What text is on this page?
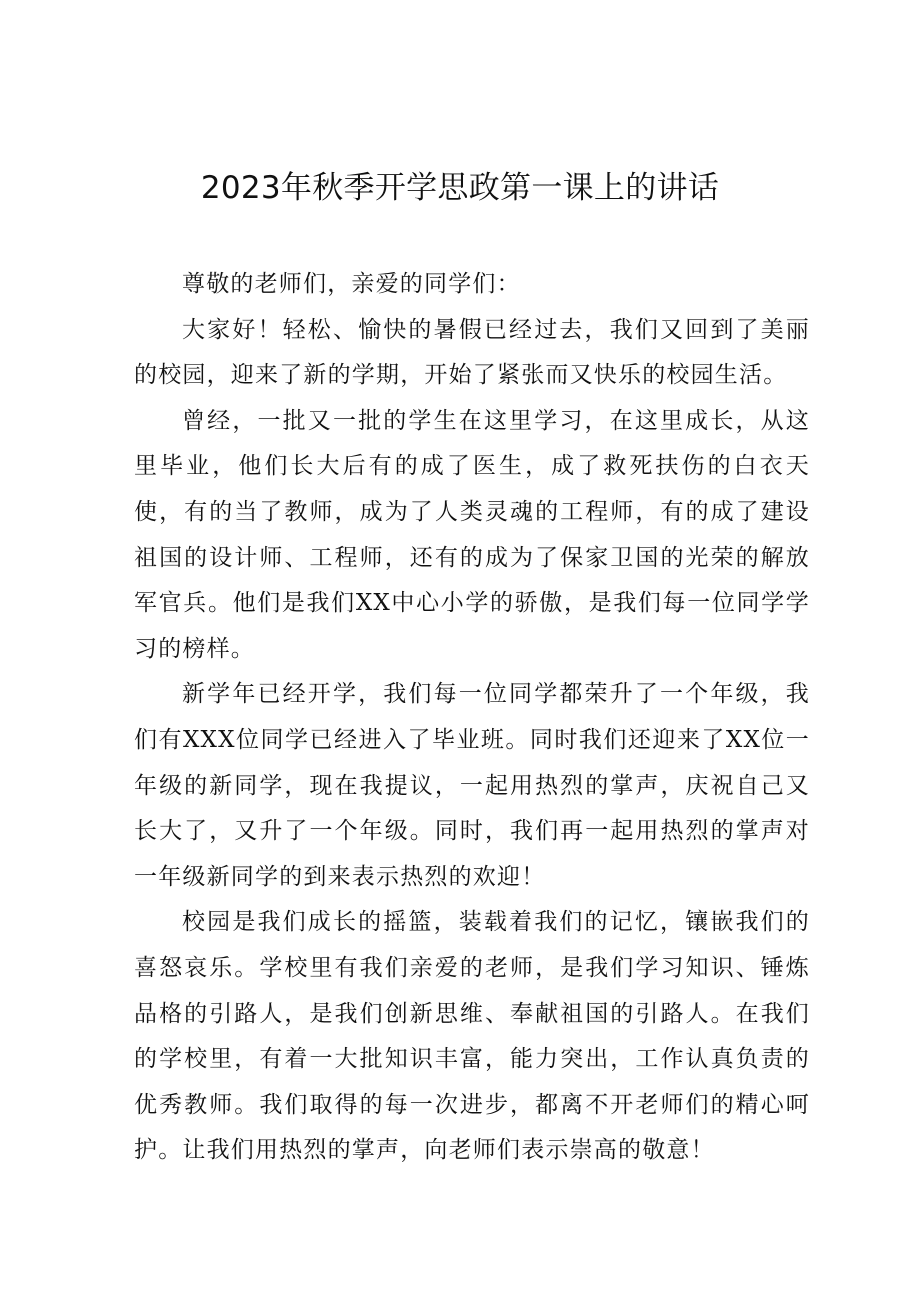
2023年秋季开学思政第一课上的讲话

尊敬的老师们，亲爱的同学们：

大家好！轻松、愉快的暑假已经过去，我们又回到了美丽的校园，迎来了新的学期，开始了紧张而又快乐的校园生活。

曾经，一批又一批的学生在这里学习，在这里成长，从这里毕业，他们长大后有的成了医生，成了救死扶伤的白衣天使，有的当了教师，成为了人类灵魂的工程师，有的成了建设祖国的设计师、工程师，还有的成为了保家卫国的光荣的解放军官兵。他们是我们XX中心小学的骄傲，是我们每一位同学学习的榜样。

新学年已经开学，我们每一位同学都荣升了一个年级，我们有XXX位同学已经进入了毕业班。同时我们还迎来了XX位一年级的新同学，现在我提议，一起用热烈的掌声，庆祝自己又长大了，又升了一个年级。同时，我们再一起用热烈的掌声对一年级新同学的到来表示热烈的欢迎！

校园是我们成长的摇篮，装载着我们的记忆，镶嵌我们的喜怒哀乐。学校里有我们亲爱的老师，是我们学习知识、锤炼品格的引路人，是我们创新思维、奉献祖国的引路人。在我们的学校里，有着一大批知识丰富，能力突出，工作认真负责的优秀教师。我们取得的每一次进步，都离不开老师们的精心呵护。让我们用热烈的掌声，向老师们表示崇高的敬意！
